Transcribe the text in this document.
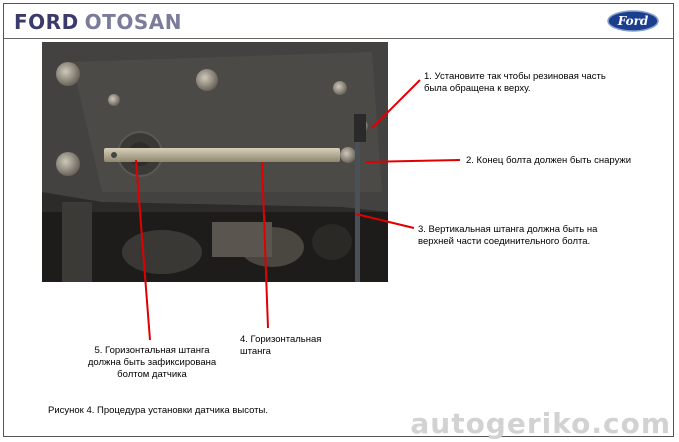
FORD OTOSAN	Ford
1. Установите так чтобы резиновая часть
была обращена к верху.
2. Конец болта должен быть снаружи
3. Вертикальная штанга должна быть на
верхней части соединительного болта.
4. Горизонтальная
штанга
5. Горизонтальная штанга
должна быть зафиксирована
болтом датчика
Рисунок 4. Процедура установки датчика высоты.	autogeriko.com
